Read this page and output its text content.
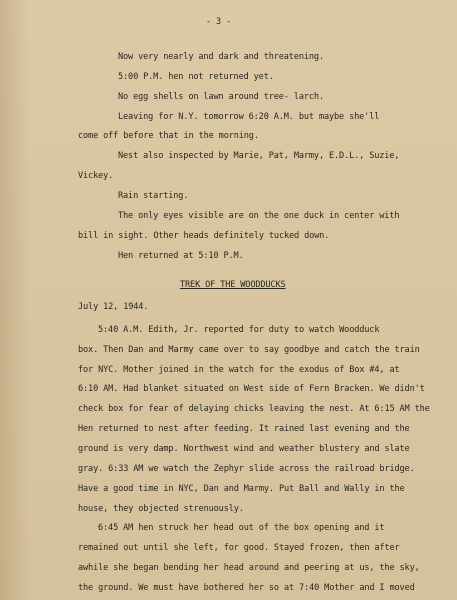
- 3 -
Now very nearly and dark and threatening.
5:00 P.M. hen not returned yet.
No egg shells on lawn around tree- larch.
Leaving for N.Y. tomorrow 6:20 A.M. but maybe she'll
come off before that in the morning.
Nest also inspected by Marie, Pat, Marmy, E.D.L., Suzie,
Vickey.
Rain starting.
The only eyes visible are on the one duck in center with
bill in sight. Other heads definitely tucked down.
Hen returned at 5:10 P.M.
TREK OF THE WOODDUCKS
July 12, 1944.
5:40 A.M. Edith, Jr. reported for duty to watch Woodduck
box. Then Dan and Marmy came over to say goodbye and catch the train
for NYC. Mother joined in the watch for the exodus of Box #4, at
6:10 AM. Had blanket situated on West side of Fern Bracken. We didn't
check box for fear of delaying chicks leaving the nest. At 6:15 AM the
Hen returned to nest after feeding. It rained last evening and the
ground is very damp. Northwest wind and weather blustery and slate
gray. 6:33 AM we watch the Zephyr slide across the railroad bridge.
Have a good time in NYC, Dan and Marmy. Put Ball and Wally in the
house, they objected strenuously.
6:45 AM hen struck her head out of the box opening and it
remained out until she left, for good. Stayed frozen, then after
awhile she began bending her head around and peering at us, the sky,
the ground. We must have bothered her so at 7:40 Mother and I moved
